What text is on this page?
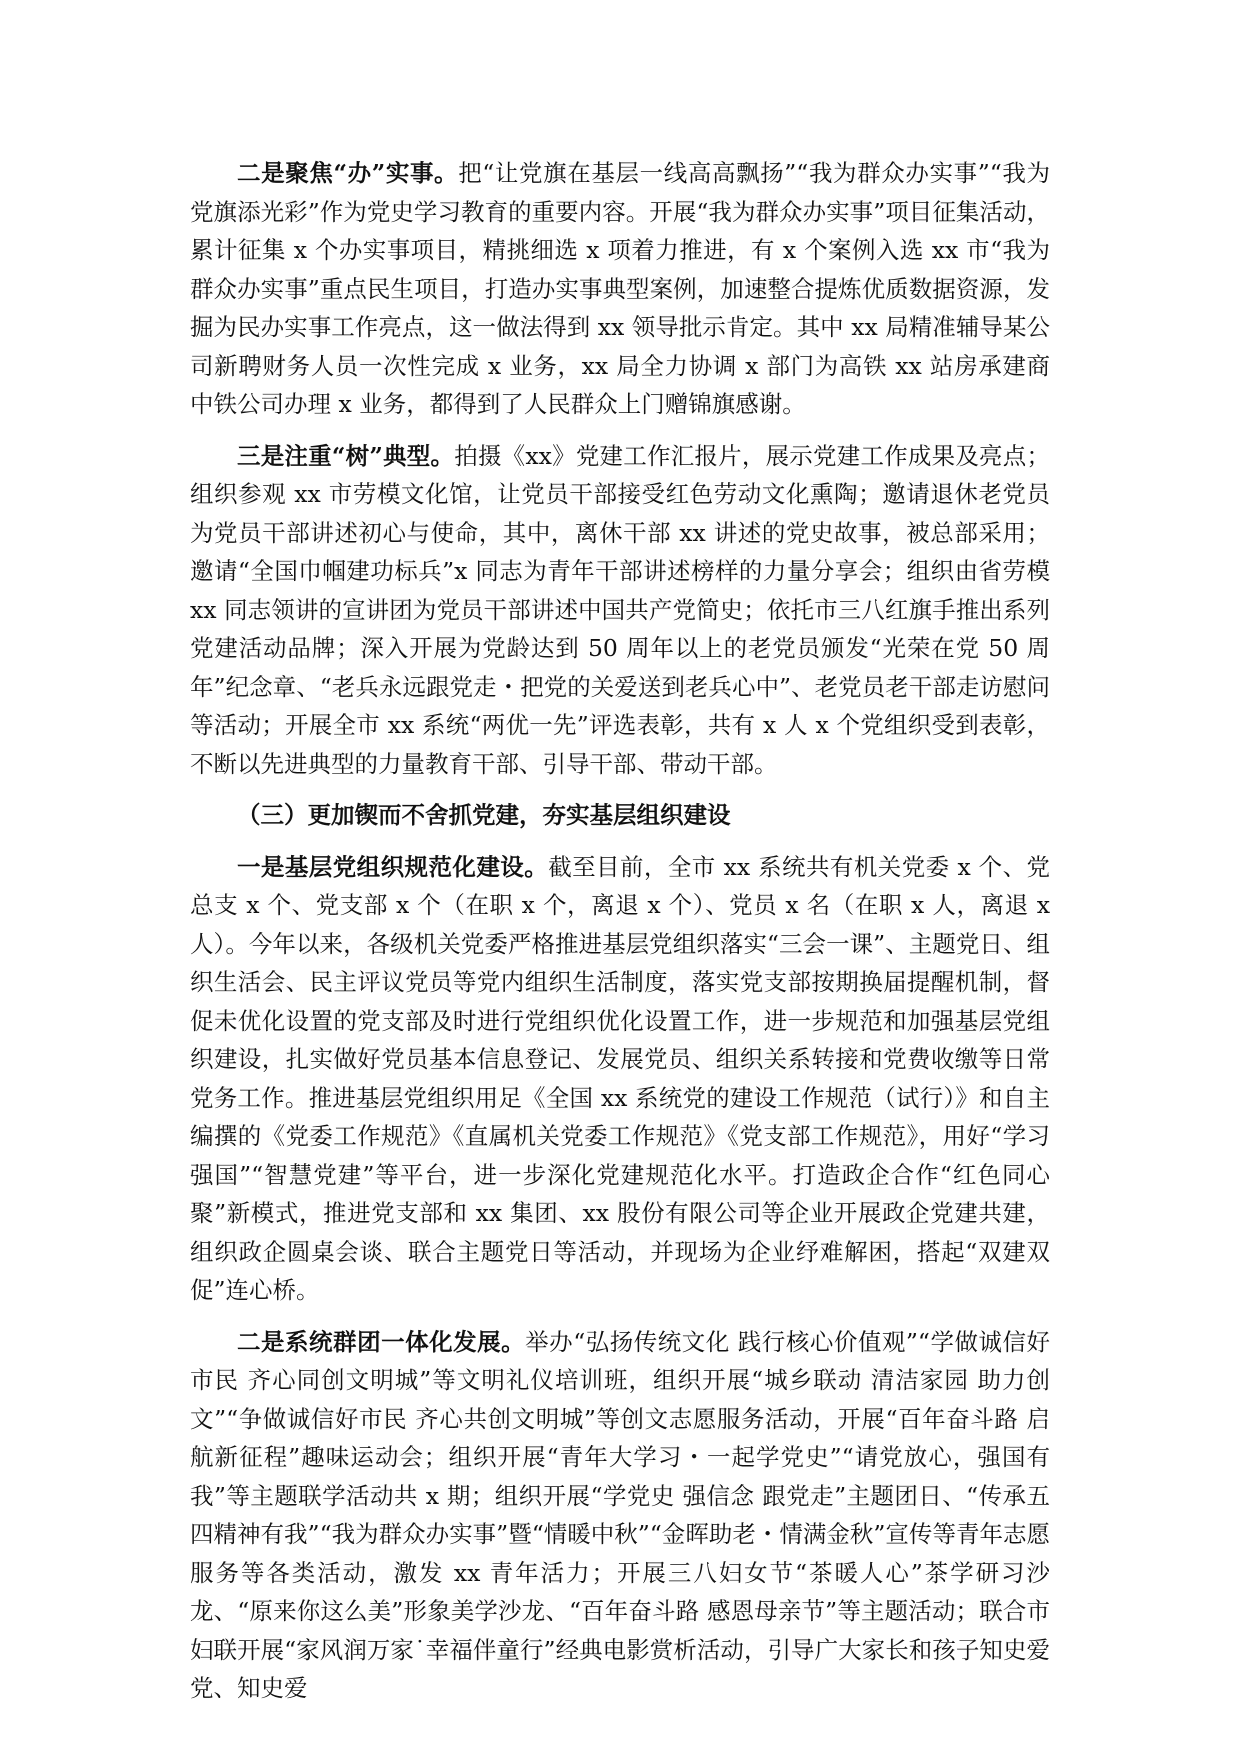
二是聚焦“办”实事。把“让党旗在基层一线高高飘扬”“我为群众办实事”“我为党旗添光彩”作为党史学习教育的重要内容。开展“我为群众办实事”项目征集活动，累计征集 x 个办实事项目，精挑细选 x 项着力推进，有 x 个案例入选 xx 市“我为群众办实事”重点民生项目，打造办实事典型案例，加速整合提炼优质数据资源，发掘为民办实事工作亮点，这一做法得到 xx 领导批示肯定。其中 xx 局精准辅导某公司新聘财务人员一次性完成 x 业务，xx 局全力协调 x 部门为高铁 xx 站房承建商中铁公司办理 x 业务，都得到了人民群众上门赠锦旗感谢。

三是注重“树”典型。拍摄《xx》党建工作汇报片，展示党建工作成果及亮点；组织参观 xx 市劳模文化馆，让党员干部接受红色劳动文化熏陶；邀请退休老党员为党员干部讲述初心与使命，其中，离休干部 xx 讲述的党史故事，被总部采用；邀请“全国巾帼建功标兵”x 同志为青年干部讲述榜样的力量分享会；组织由省劳模 xx 同志领讲的宣讲团为党员干部讲述中国共产党简史；依托市三八红旗手推出系列党建活动品牌；深入开展为党龄达到 50 周年以上的老党员颁发“光荣在党 50 周年”纪念章、“老兵永远跟党走・把党的关爱送到老兵心中”、老党员老干部走访慰问等活动；开展全市 xx 系统“两优一先”评选表彰，共有 x 人 x 个党组织受到表彰，不断以先进典型的力量教育干部、引导干部、带动干部。

（三）更加锲而不舍抓党建，夯实基层组织建设

一是基层党组织规范化建设。截至目前，全市 xx 系统共有机关党委 x 个、党总支 x 个、党支部 x 个（在职 x 个，离退 x 个）、党员 x 名（在职 x 人，离退 x 人）。今年以来，各级机关党委严格推进基层党组织落实“三会一课”、主题党日、组织生活会、民主评议党员等党内组织生活制度，落实党支部按期换届提醒机制，督促未优化设置的党支部及时进行党组织优化设置工作，进一步规范和加强基层党组织建设，扎实做好党员基本信息登记、发展党员、组织关系转接和党费收缴等日常党务工作。推进基层党组织用足《全国 xx 系统党的建设工作规范（试行）》和自主编撰的《党委工作规范》《直属机关党委工作规范》《党支部工作规范》，用好“学习强国”“智慧党建”等平台，进一步深化党建规范化水平。打造政企合作“红色同心聚”新模式，推进党支部和 xx 集团、xx 股份有限公司等企业开展政企党建共建，组织政企圆桌会谈、联合主题党日等活动，并现场为企业纾难解困，搭起“双建双促”连心桥。

二是系统群团一体化发展。举办“弘扬传统文化 践行核心价值观”“学做诚信好市民 齐心同创文明城”等文明礼仪培训班，组织开展“城乡联动 清洁家园 助力创文”“争做诚信好市民 齐心共创文明城”等创文志愿服务活动，开展“百年奋斗路 启航新征程”趣味运动会；组织开展“青年大学习・一起学党史”“请党放心，强国有我”等主题联学活动共 x 期；组织开展“学党史 强信念 跟党走”主题团日、“传承五四精神有我”“我为群众办实事”暨“情暖中秋”“金晖助老・情满金秋”宣传等青年志愿服务等各类活动，激发 xx 青年活力；开展三八妇女节“茶暖人心”茶学研习沙龙、“原来你这么美”形象美学沙龙、“百年奋斗路 感恩母亲节”等主题活动；联合市妇联开展“家风润万家˙幸福伴童行”经典电影赏析活动，引导广大家长和孩子知史爱党、知史爱
